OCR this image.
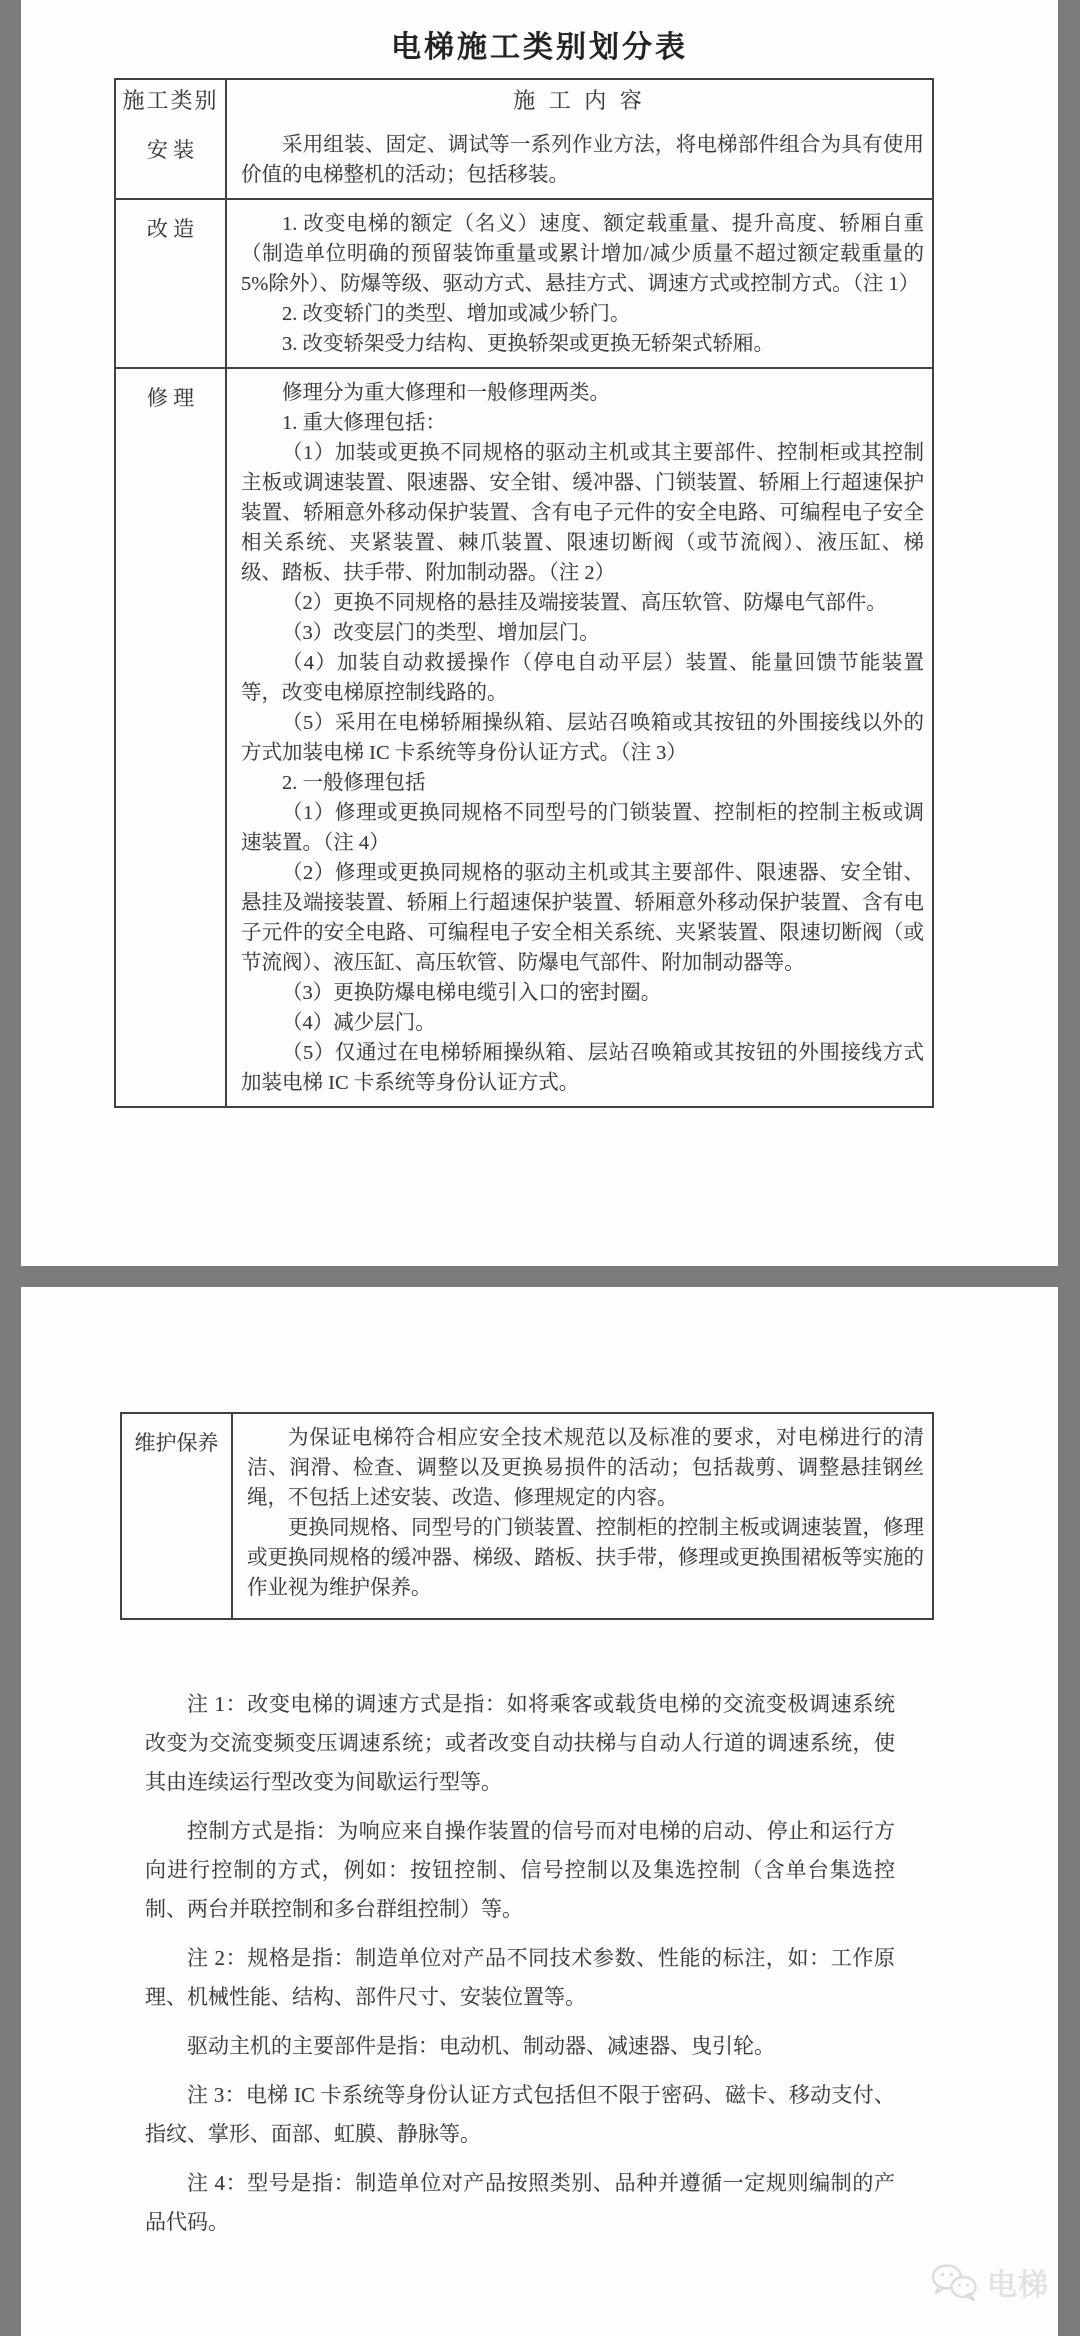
电梯施工类别划分表
施工类别	施 工 内 容
安 装	采用组装、固定、调试等一系列作业方法，将电梯部件组合为具有使用价值的电梯整机的活动；包括移装。

改 造	1. 改变电梯的额定（名义）速度、额定载重量、提升高度、轿厢自重（制造单位明确的预留装饰重量或累计增加/减少质量不超过额定载重量的 5%除外）、防爆等级、驱动方式、悬挂方式、调速方式或控制方式。（注 1）

2. 改变轿门的类型、增加或减少轿门。

3. 改变轿架受力结构、更换轿架或更换无轿架式轿厢。

修 理	修理分为重大修理和一般修理两类。

1. 重大修理包括：

（1）加装或更换不同规格的驱动主机或其主要部件、控制柜或其控制主板或调速装置、限速器、安全钳、缓冲器、门锁装置、轿厢上行超速保护装置、轿厢意外移动保护装置、含有电子元件的安全电路、可编程电子安全相关系统、夹紧装置、棘爪装置、限速切断阀（或节流阀）、液压缸、梯级、踏板、扶手带、附加制动器。（注 2）

（2）更换不同规格的悬挂及端接装置、高压软管、防爆电气部件。

（3）改变层门的类型、增加层门。

（4）加装自动救援操作（停电自动平层）装置、能量回馈节能装置等，改变电梯原控制线路的。

（5）采用在电梯轿厢操纵箱、层站召唤箱或其按钮的外围接线以外的方式加装电梯 IC 卡系统等身份认证方式。（注 3）

2. 一般修理包括

（1）修理或更换同规格不同型号的门锁装置、控制柜的控制主板或调速装置。（注 4）

（2）修理或更换同规格的驱动主机或其主要部件、限速器、安全钳、悬挂及端接装置、轿厢上行超速保护装置、轿厢意外移动保护装置、含有电子元件的安全电路、可编程电子安全相关系统、夹紧装置、限速切断阀（或节流阀）、液压缸、高压软管、防爆电气部件、附加制动器等。

（3）更换防爆电梯电缆引入口的密封圈。

（4）减少层门。

（5）仅通过在电梯轿厢操纵箱、层站召唤箱或其按钮的外围接线方式加装电梯 IC 卡系统等身份认证方式。

维护保养	为保证电梯符合相应安全技术规范以及标准的要求，对电梯进行的清洁、润滑、检查、调整以及更换易损件的活动；包括裁剪、调整悬挂钢丝绳，不包括上述安装、改造、修理规定的内容。

更换同规格、同型号的门锁装置、控制柜的控制主板或调速装置，修理或更换同规格的缓冲器、梯级、踏板、扶手带，修理或更换围裙板等实施的作业视为维护保养。

注 1：改变电梯的调速方式是指：如将乘客或载货电梯的交流变极调速系统改变为交流变频变压调速系统；或者改变自动扶梯与自动人行道的调速系统，使其由连续运行型改变为间歇运行型等。

控制方式是指：为响应来自操作装置的信号而对电梯的启动、停止和运行方向进行控制的方式，例如：按钮控制、信号控制以及集选控制（含单台集选控制、两台并联控制和多台群组控制）等。

注 2：规格是指：制造单位对产品不同技术参数、性能的标注，如：工作原理、机械性能、结构、部件尺寸、安装位置等。

驱动主机的主要部件是指：电动机、制动器、减速器、曳引轮。

注 3：电梯 IC 卡系统等身份认证方式包括但不限于密码、磁卡、移动支付、指纹、掌形、面部、虹膜、静脉等。

注 4：型号是指：制造单位对产品按照类别、品种并遵循一定规则编制的产品代码。

电梯
